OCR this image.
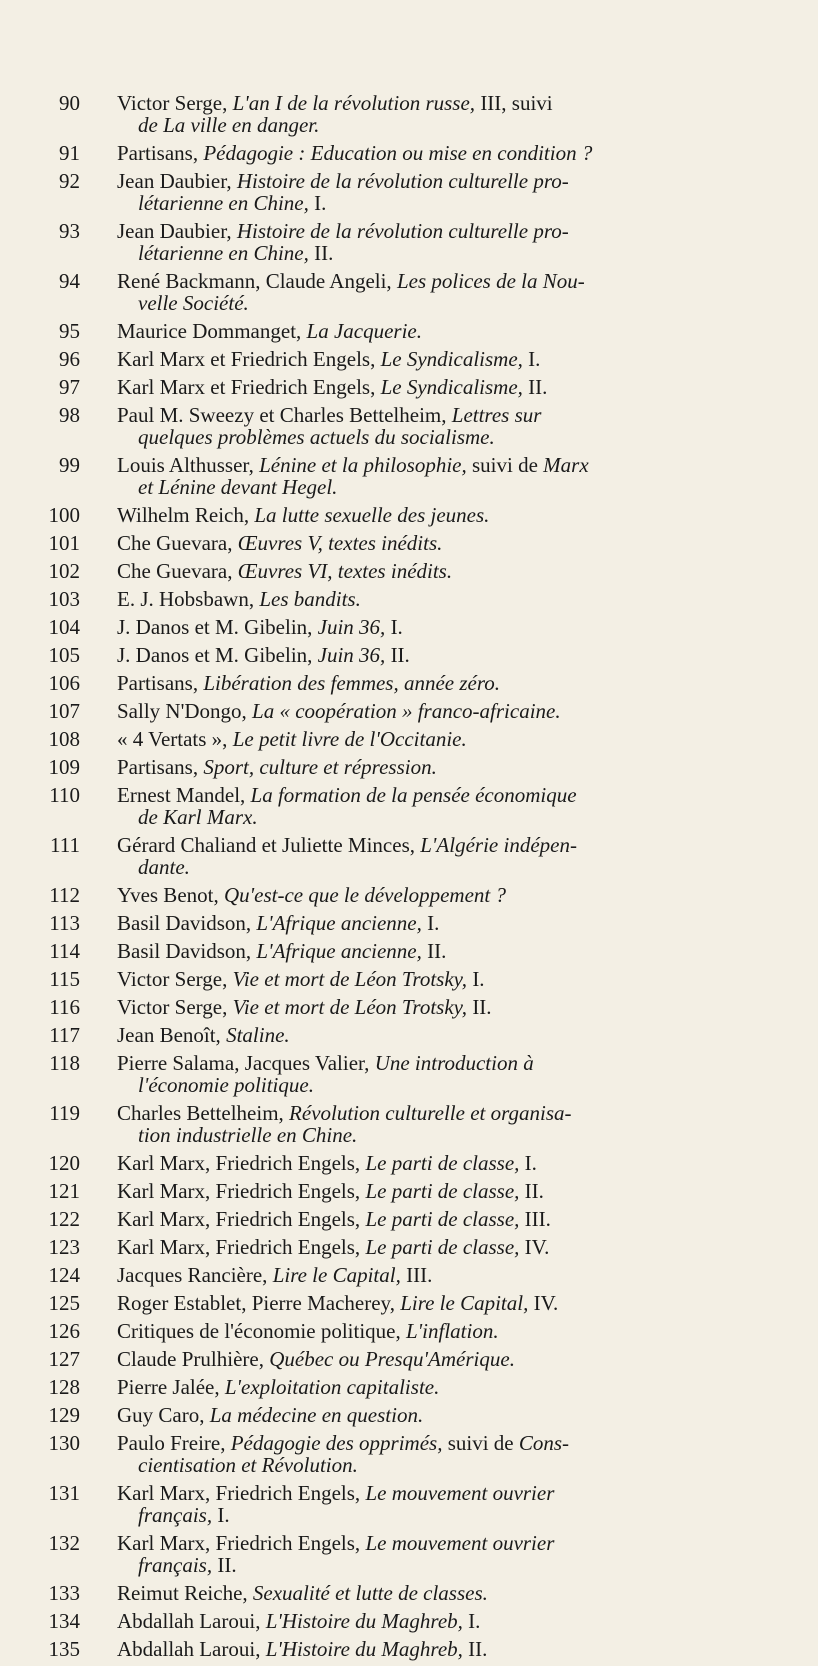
90 Victor Serge, L'an I de la révolution russe, III, suivi
de La ville en danger.
91 Partisans, Pédagogie : Education ou mise en condition ?
92 Jean Daubier, Histoire de la révolution culturelle pro-
létarienne en Chine, I.
93 Jean Daubier, Histoire de la révolution culturelle pro-
létarienne en Chine, II.
94 René Backmann, Claude Angeli, Les polices de la Nou-
velle Société.
95 Maurice Dommanget, La Jacquerie.
96 Karl Marx et Friedrich Engels, Le Syndicalisme, I.
97 Karl Marx et Friedrich Engels, Le Syndicalisme, II.
98 Paul M. Sweezy et Charles Bettelheim, Lettres sur
quelques problèmes actuels du socialisme.
99 Louis Althusser, Lénine et la philosophie, suivi de Marx
et Lénine devant Hegel.
100 Wilhelm Reich, La lutte sexuelle des jeunes.
101 Che Guevara, Œuvres V, textes inédits.
102 Che Guevara, Œuvres VI, textes inédits.
103 E. J. Hobsbawn, Les bandits.
104 J. Danos et M. Gibelin, Juin 36, I.
105 J. Danos et M. Gibelin, Juin 36, II.
106 Partisans, Libération des femmes, année zéro.
107 Sally N'Dongo, La « coopération » franco-africaine.
108 « 4 Vertats », Le petit livre de l'Occitanie.
109 Partisans, Sport, culture et répression.
110 Ernest Mandel, La formation de la pensée économique
de Karl Marx.
111 Gérard Chaliand et Juliette Minces, L'Algérie indépen-
dante.
112 Yves Benot, Qu'est-ce que le développement ?
113 Basil Davidson, L'Afrique ancienne, I.
114 Basil Davidson, L'Afrique ancienne, II.
115 Victor Serge, Vie et mort de Léon Trotsky, I.
116 Victor Serge, Vie et mort de Léon Trotsky, II.
117 Jean Benoît, Staline.
118 Pierre Salama, Jacques Valier, Une introduction à
l'économie politique.
119 Charles Bettelheim, Révolution culturelle et organisa-
tion industrielle en Chine.
120 Karl Marx, Friedrich Engels, Le parti de classe, I.
121 Karl Marx, Friedrich Engels, Le parti de classe, II.
122 Karl Marx, Friedrich Engels, Le parti de classe, III.
123 Karl Marx, Friedrich Engels, Le parti de classe, IV.
124 Jacques Rancière, Lire le Capital, III.
125 Roger Establet, Pierre Macherey, Lire le Capital, IV.
126 Critiques de l'économie politique, L'inflation.
127 Claude Prulhière, Québec ou Presqu'Amérique.
128 Pierre Jalée, L'exploitation capitaliste.
129 Guy Caro, La médecine en question.
130 Paulo Freire, Pédagogie des opprimés, suivi de Cons-
cientisation et Révolution.
131 Karl Marx, Friedrich Engels, Le mouvement ouvrier
français, I.
132 Karl Marx, Friedrich Engels, Le mouvement ouvrier
français, II.
133 Reimut Reiche, Sexualité et lutte de classes.
134 Abdallah Laroui, L'Histoire du Maghreb, I.
135 Abdallah Laroui, L'Histoire du Maghreb, II.
